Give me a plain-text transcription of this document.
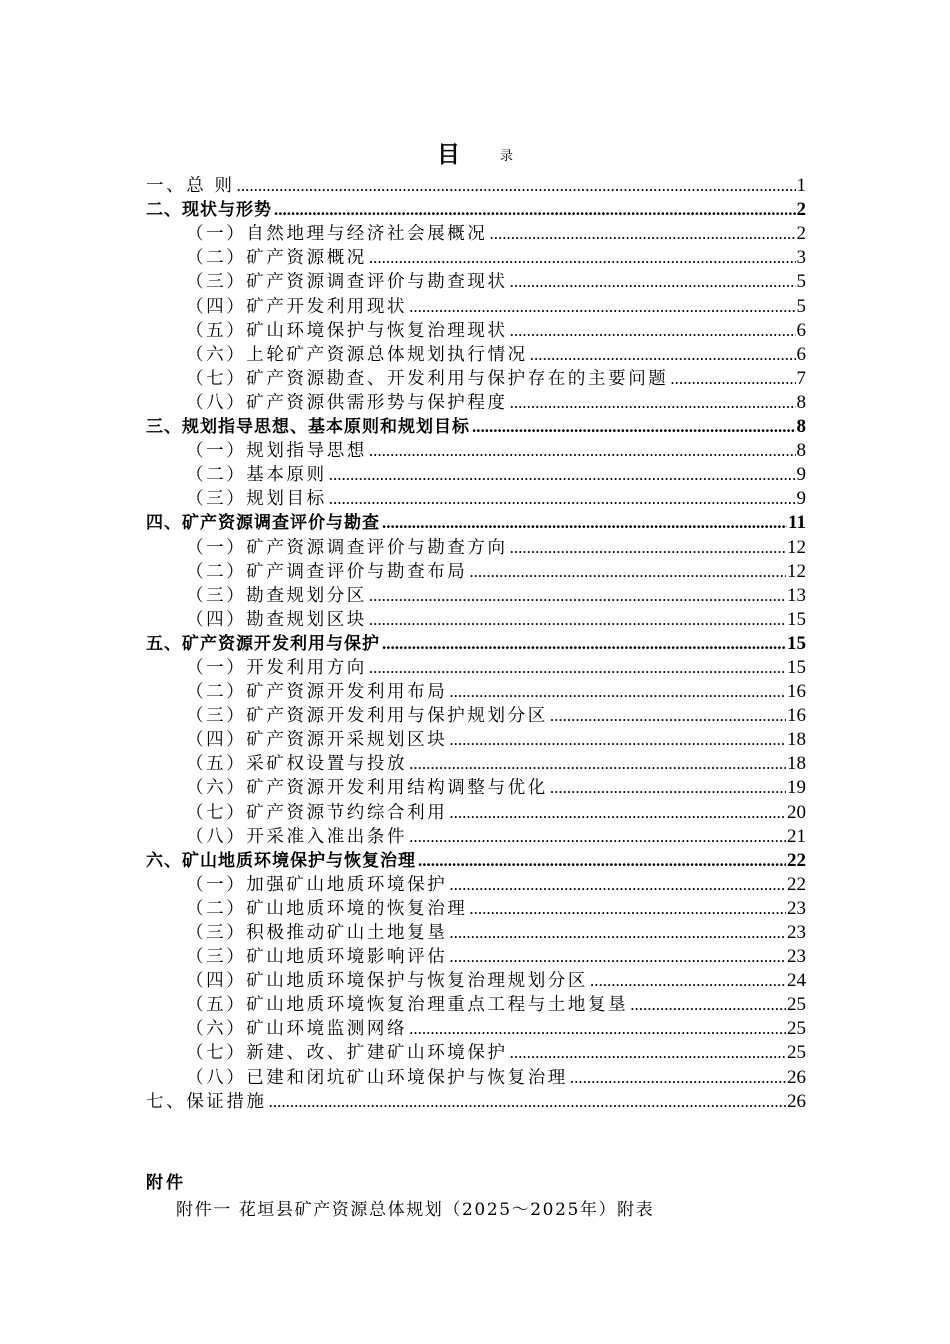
目	录
一、总 则 .....	1
二、现状与形势 .....	2
（一）自然地理与经济社会展概况 .....	2
（二）矿产资源概况 .....	3
（三）矿产资源调查评价与勘查现状 .....	5
（四）矿产开发利用现状 .....	5
（五）矿山环境保护与恢复治理现状 .....	6
（六）上轮矿产资源总体规划执行情况 .....	6
（七）矿产资源勘查、开发利用与保护存在的主要问题 .....	7
（八）矿产资源供需形势与保护程度 .....	8
三、规划指导思想、基本原则和规划目标 .....	8
（一）规划指导思想 .....	8
（二）基本原则 .....	9
（三）规划目标 .....	9
四、矿产资源调查评价与勘查 .....	11
（一）矿产资源调查评价与勘查方向 .....	12
（二）矿产调查评价与勘查布局 .....	12
（三）勘查规划分区 .....	13
（四）勘查规划区块 .....	15
五、矿产资源开发利用与保护 .....	15
（一）开发利用方向 .....	15
（二）矿产资源开发利用布局 .....	16
（三）矿产资源开发利用与保护规划分区 .....	16
（四）矿产资源开采规划区块 .....	18
（五）采矿权设置与投放 .....	18
（六）矿产资源开发利用结构调整与优化 .....	19
（七）矿产资源节约综合利用 .....	20
（八）开采准入准出条件 .....	21
六、矿山地质环境保护与恢复治理 .....	22
（一）加强矿山地质环境保护 .....	22
（二）矿山地质环境的恢复治理 .....	23
（三）积极推动矿山土地复垦 .....	23
（三）矿山地质环境影响评估 .....	23
（四）矿山地质环境保护与恢复治理规划分区 .....	24
（五）矿山地质环境恢复治理重点工程与土地复垦 .....	25
（六）矿山环境监测网络 .....	25
（七）新建、改、扩建矿山环境保护 .....	25
（八）已建和闭坑矿山环境保护与恢复治理 .....	26
七、保证措施 .....	26
附件
附件一 花垣县矿产资源总体规划（2025～2025年）附表
